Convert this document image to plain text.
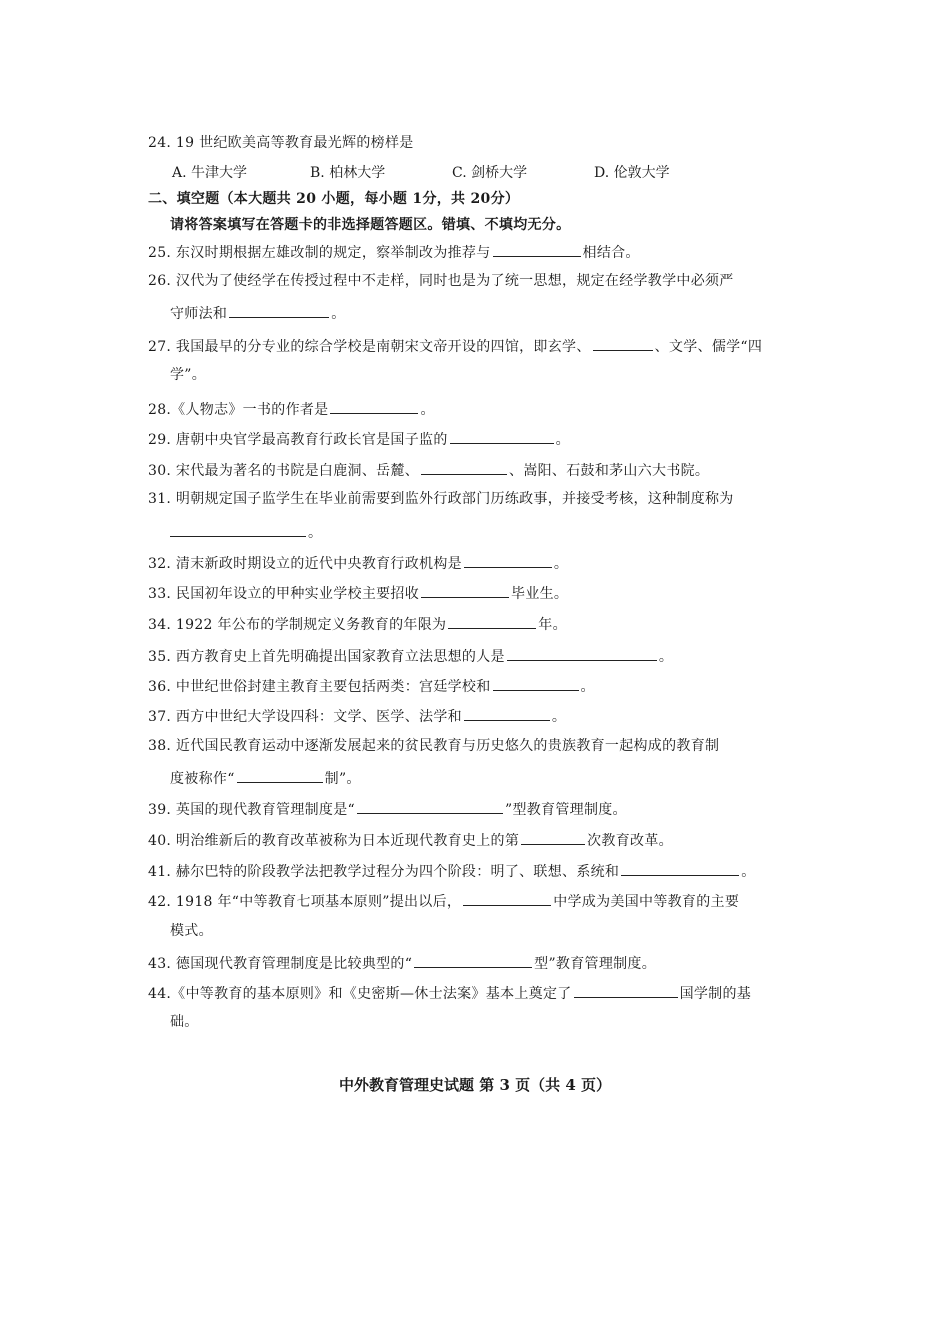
24. 19 世纪欧美高等教育最光辉的榜样是
A. 牛津大学	B. 柏林大学	C. 剑桥大学	D. 伦敦大学
二、填空题（本大题共 20 小题，每小题 1分，共 20分）
请将答案填写在答题卡的非选择题答题区。错填、不填均无分。
25. 东汉时期根据左雄改制的规定，察举制改为推荐与	相结合。
26. 汉代为了使经学在传授过程中不走样，同时也是为了统一思想，规定在经学教学中必须严
守师法和	。
27. 我国最早的分专业的综合学校是南朝宋文帝开设的四馆，即玄学、	、文学、儒学“四
学”。
28.《人物志》一书的作者是	。
29. 唐朝中央官学最高教育行政长官是国子监的	。
30. 宋代最为著名的书院是白鹿洞、岳麓、	、嵩阳、石鼓和茅山六大书院。
31. 明朝规定国子监学生在毕业前需要到监外行政部门历练政事，并接受考核，这种制度称为
。
32. 清末新政时期设立的近代中央教育行政机构是	。
33. 民国初年设立的甲种实业学校主要招收	毕业生。
34. 1922 年公布的学制规定义务教育的年限为	年。
35. 西方教育史上首先明确提出国家教育立法思想的人是	。
36. 中世纪世俗封建主教育主要包括两类：宫廷学校和	。
37. 西方中世纪大学设四科：文学、医学、法学和	。
38. 近代国民教育运动中逐渐发展起来的贫民教育与历史悠久的贵族教育一起构成的教育制
度被称作“	制”。
39. 英国的现代教育管理制度是“	”型教育管理制度。
40. 明治维新后的教育改革被称为日本近现代教育史上的第	次教育改革。
41. 赫尔巴特的阶段教学法把教学过程分为四个阶段：明了、联想、系统和	。
42. 1918 年“中等教育七项基本原则”提出以后，	中学成为美国中等教育的主要
模式。
43. 德国现代教育管理制度是比较典型的“	型”教育管理制度。
44.《中等教育的基本原则》和《史密斯—休士法案》基本上奠定了	国学制的基
础。
中外教育管理史试题 第 3 页（共 4 页）
